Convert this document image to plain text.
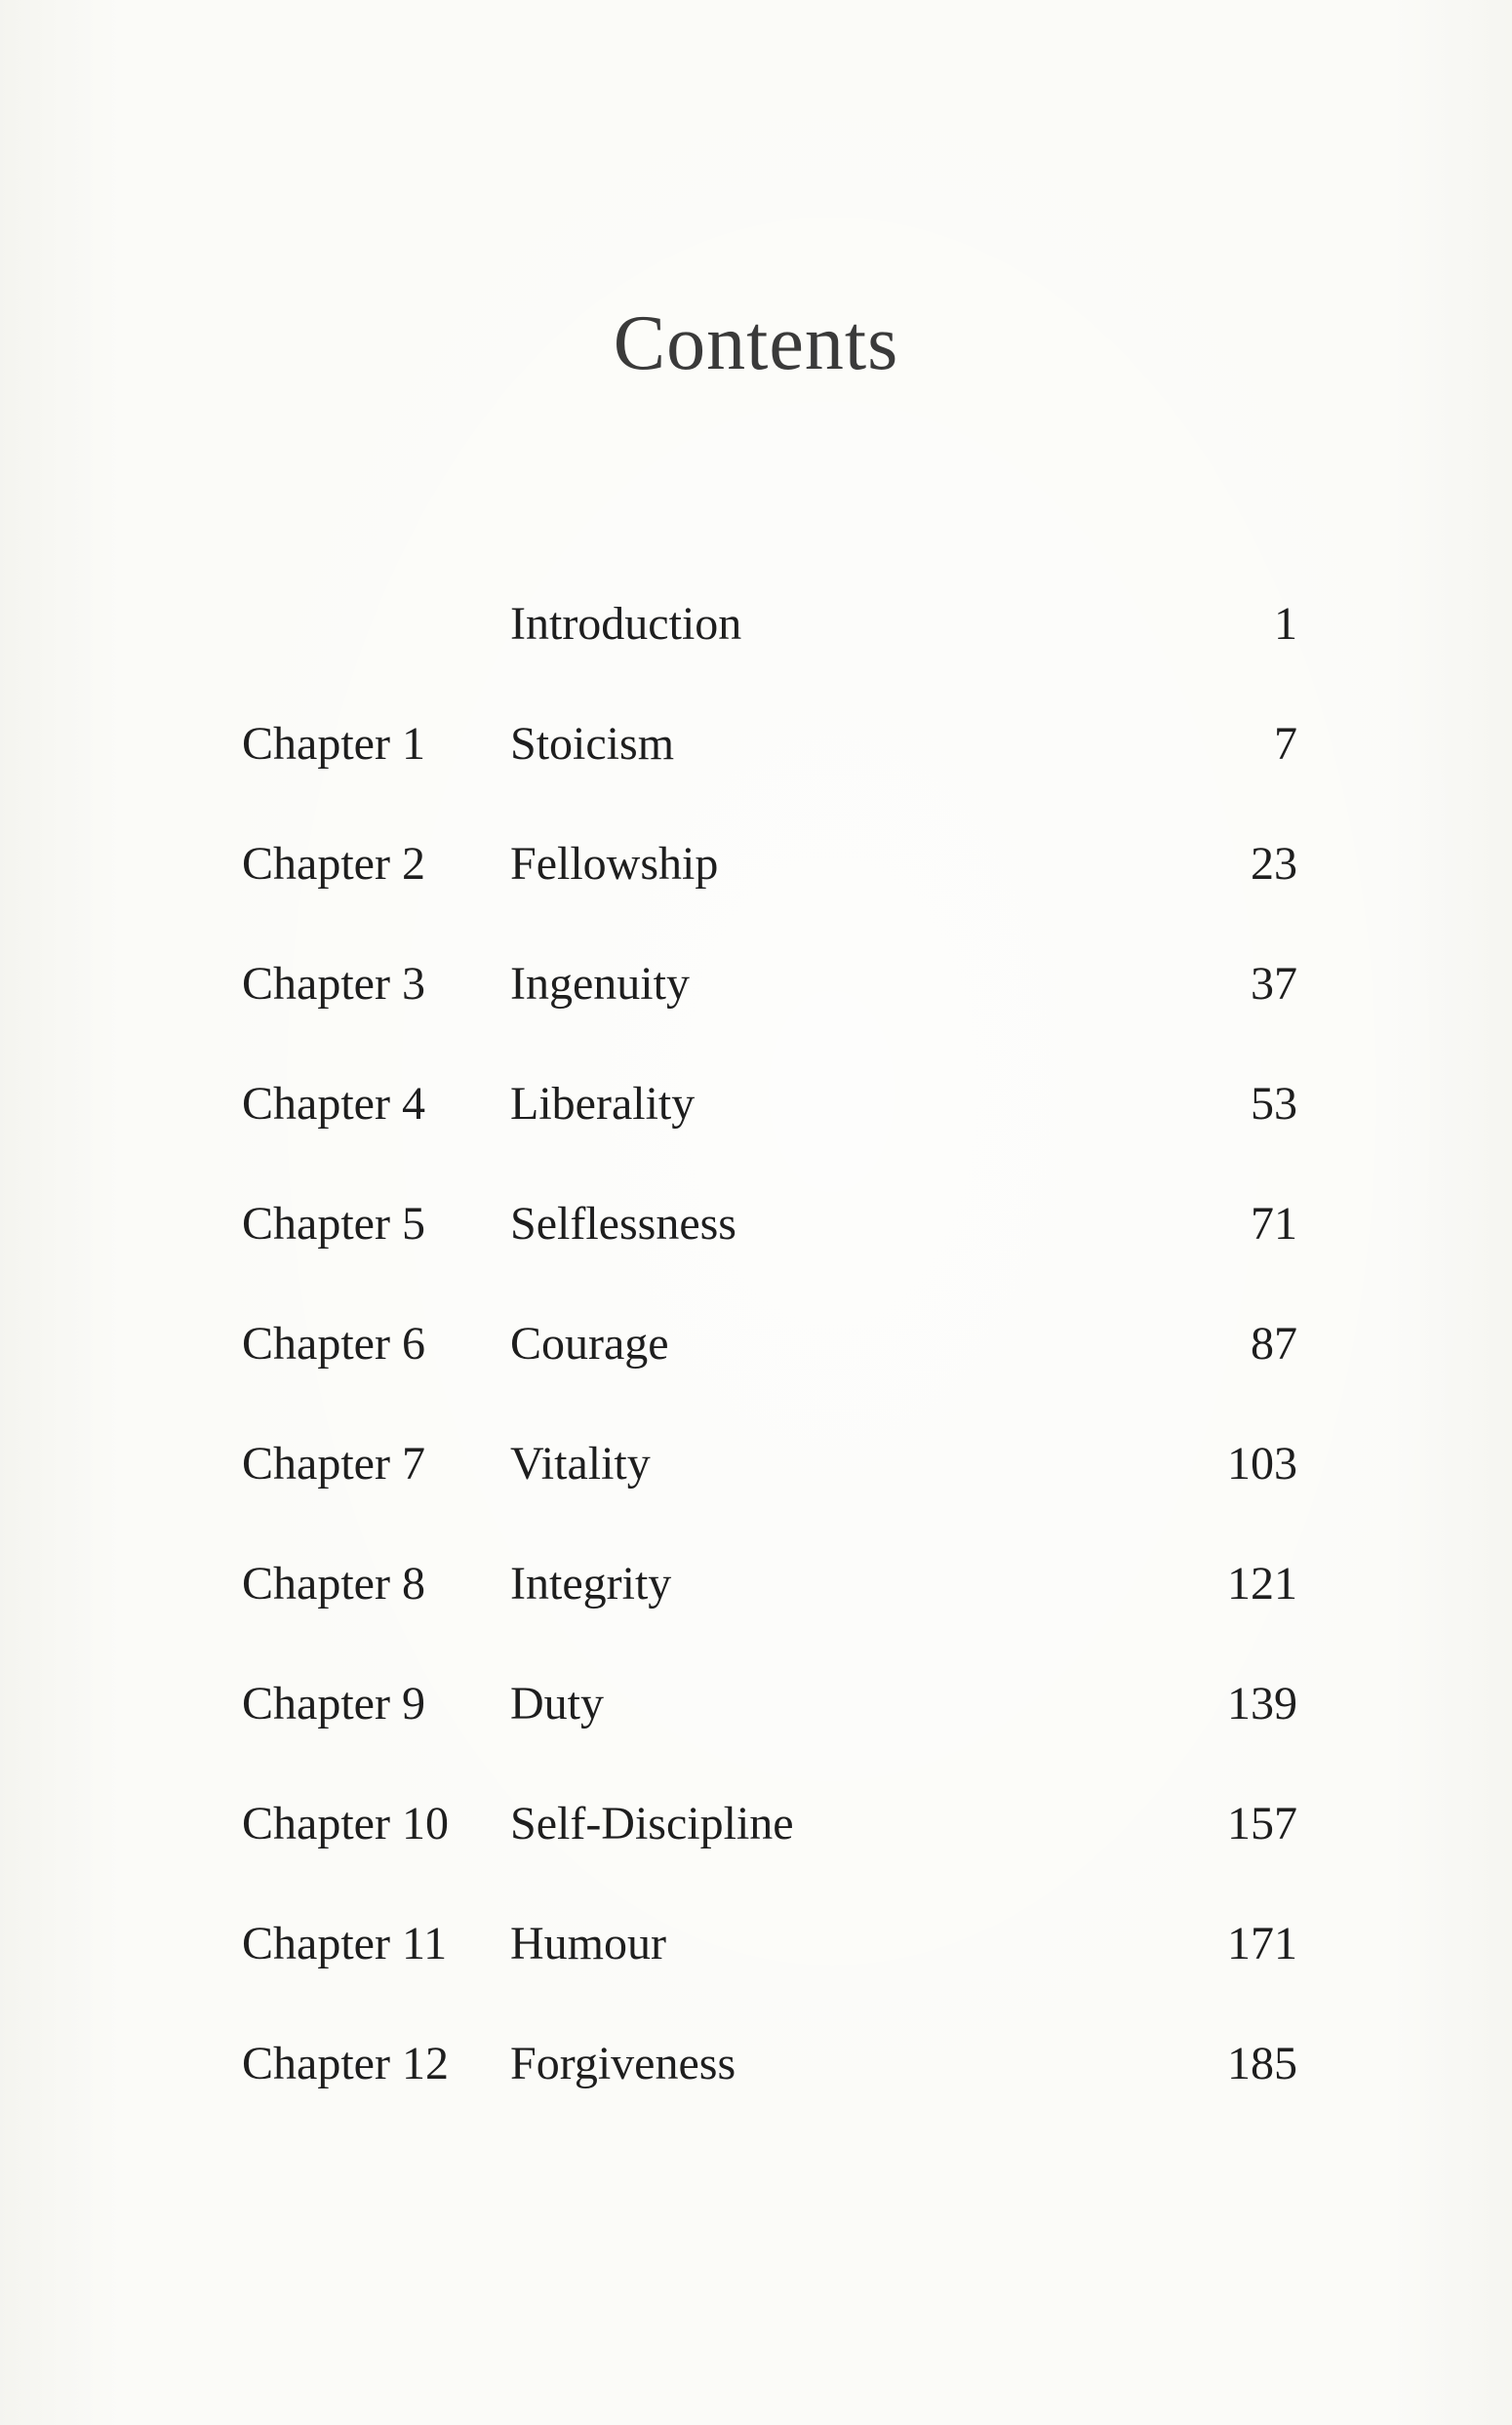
Contents
Introduction	1
Chapter 1 Stoicism	7
Chapter 2 Fellowship	23
Chapter 3 Ingenuity	37
Chapter 4 Liberality	53
Chapter 5 Selflessness	71
Chapter 6 Courage	87
Chapter 7 Vitality	103
Chapter 8 Integrity	121
Chapter 9 Duty	139
Chapter 10 Self-Discipline	157
Chapter 11 Humour	171
Chapter 12 Forgiveness	185
